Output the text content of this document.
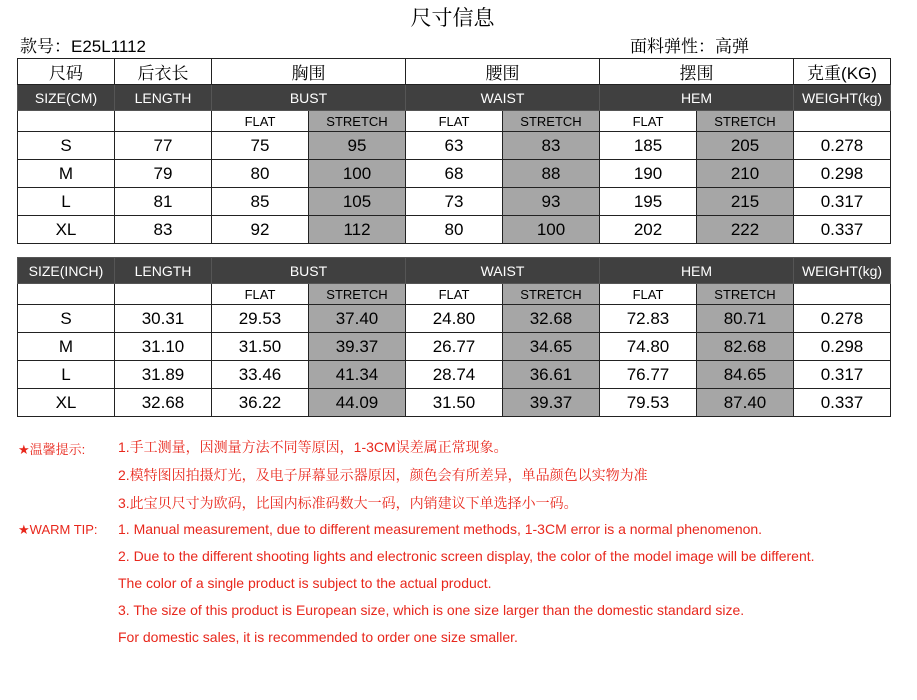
尺寸信息
款号：E25L1112	面料弹性：高弹
尺码	后衣长	胸围		腰围		摆围		克重(KG)
SIZE(CM)	LENGTH	BUST		WAIST		HEM		WEIGHT(kg)
		FLAT	STRETCH	FLAT	STRETCH	FLAT	STRETCH	
S	77	75	95	63	83	185	205	0.278
M	79	80	100	68	88	190	210	0.298
L	81	85	105	73	93	195	215	0.317
XL	83	92	112	80	100	202	222	0.337
SIZE(INCH)	LENGTH	BUST		WAIST		HEM		WEIGHT(kg)
		FLAT	STRETCH	FLAT	STRETCH	FLAT	STRETCH	
S	30.31	29.53	37.40	24.80	32.68	72.83	80.71	0.278
M	31.10	31.50	39.37	26.77	34.65	74.80	82.68	0.298
L	31.89	33.46	41.34	28.74	36.61	76.77	84.65	0.317
XL	32.68	36.22	44.09	31.50	39.37	79.53	87.40	0.337
★温馨提示: 1.手工测量，因测量方法不同等原因，1-3CM误差属正常现象。
2.模特图因拍摄灯光，及电子屏幕显示器原因，颜色会有所差异，单品颜色以实物为准
3.此宝贝尺寸为欧码，比国内标准码数大一码，内销建议下单选择小一码。
★WARM TIP: 1. Manual measurement, due to different measurement methods, 1-3CM error is a normal phenomenon.
2. Due to the different shooting lights and electronic screen display, the color of the model image will be different.
The color of a single product is subject to the actual product.
3. The size of this product is European size, which is one size larger than the domestic standard size.
For domestic sales, it is recommended to order one size smaller.
